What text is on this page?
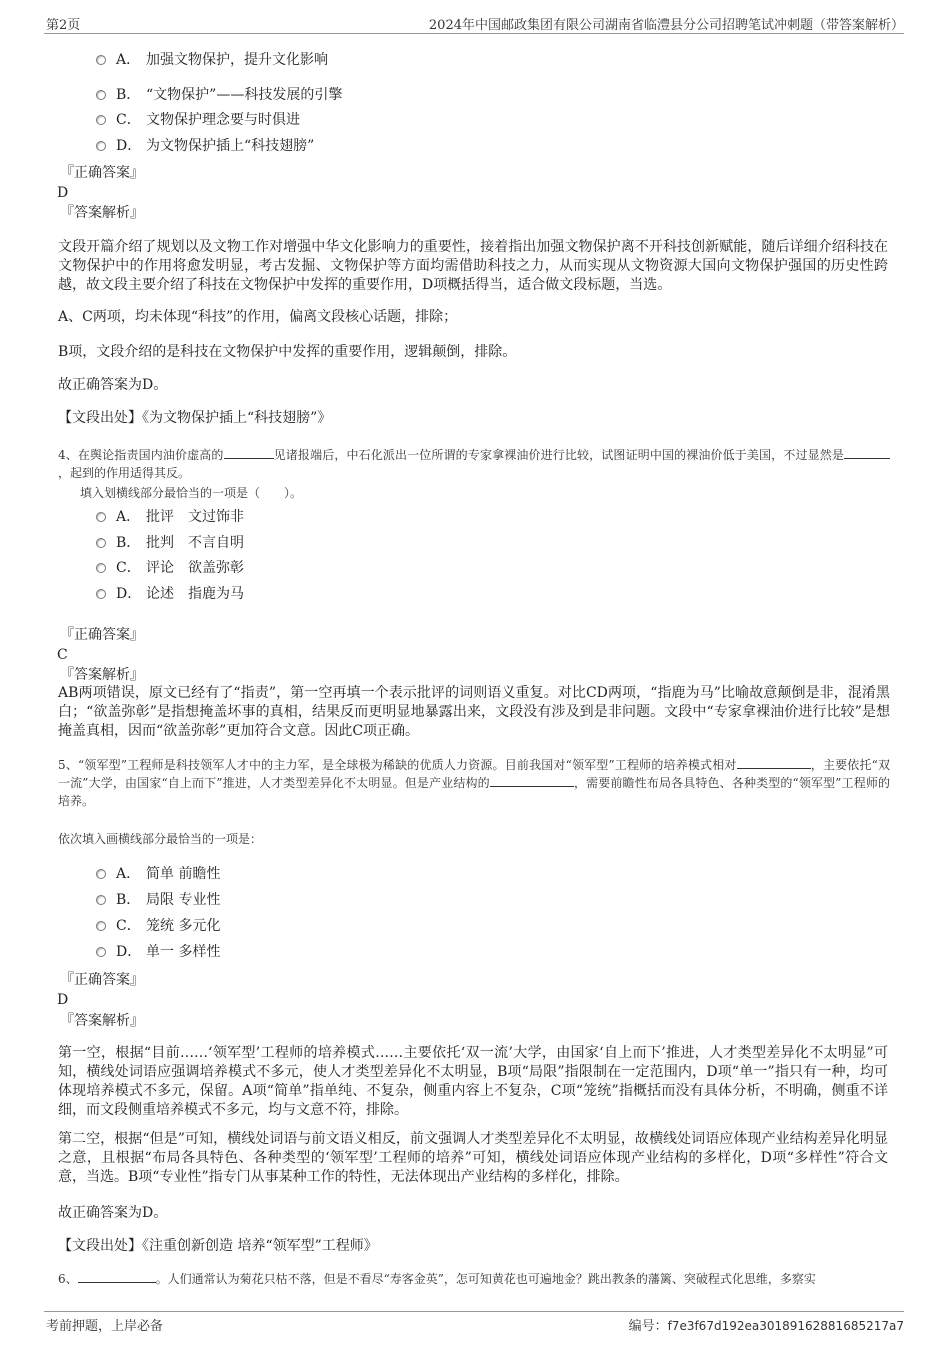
第2页	2024年中国邮政集团有限公司湖南省临澧县分公司招聘笔试冲刺题（带答案解析）
A． 加强文物保护，提升文化影响
B． “文物保护”——科技发展的引擎
C． 文物保护理念要与时俱进
D． 为文物保护插上“科技翅膀”
『正确答案』
D
『答案解析』
文段开篇介绍了规划以及文物工作对增强中华文化影响力的重要性，接着指出加强文物保护离不开科技创新赋能，随后详细介绍科技在文物保护中的作用将愈发明显，考古发掘、文物保护等方面均需借助科技之力，从而实现从文物资源大国向文物保护强国的历史性跨越，故文段主要介绍了科技在文物保护中发挥的重要作用，D项概括得当，适合做文段标题，当选。
A、C两项，均未体现“科技”的作用，偏离文段核心话题，排除；
B项，文段介绍的是科技在文物保护中发挥的重要作用，逻辑颠倒，排除。
故正确答案为D。
【文段出处】《为文物保护插上“科技翅膀”》
4、在舆论指责国内油价虚高的	见诸报端后，中石化派出一位所谓的专家拿裸油价进行比较，试图证明中国的裸油价低于美国，不过显然是，起到的作用适得其反。
填入划横线部分最恰当的一项是（　　）。
A． 批评　文过饰非
B． 批判　不言自明
C． 评论　欲盖弥彰
D． 论述　指鹿为马
『正确答案』
C
『答案解析』
AB两项错误，原文已经有了“指责”，第一空再填一个表示批评的词则语义重复。对比CD两项，“指鹿为马”比喻故意颠倒是非，混淆黑白；“欲盖弥彰”是指想掩盖坏事的真相，结果反而更明显地暴露出来，文段没有涉及到是非问题。文段中“专家拿裸油价进行比较”是想掩盖真相，因而“欲盖弥彰”更加符合文意。因此C项正确。
5、“领军型”工程师是科技领军人才中的主力军，是全球极为稀缺的优质人力资源。目前我国对“领军型”工程师的培养模式相对	，主要依托“双一流”大学，由国家“自上而下”推进，人才类型差异化不太明显。但是产业结构的	，需要前瞻性布局各具特色、各种类型的“领军型”工程师的培养。
依次填入画横线部分最恰当的一项是：
A． 简单 前瞻性
B． 局限 专业性
C． 笼统 多元化
D． 单一 多样性
『正确答案』
D
『答案解析』
第一空，根据“目前……‘领军型’工程师的培养模式……主要依托‘双一流’大学，由国家‘自上而下’推进，人才类型差异化不太明显”可知，横线处词语应强调培养模式不多元，使人才类型差异化不太明显，B项“局限”指限制在一定范围内，D项“单一”指只有一种，均可体现培养模式不多元，保留。A项“简单”指单纯、不复杂，侧重内容上不复杂，C项“笼统”指概括而没有具体分析，不明确，侧重不详细，而文段侧重培养模式不多元，均与文意不符，排除。
第二空，根据“但是”可知，横线处词语与前文语义相反，前文强调人才类型差异化不太明显，故横线处词语应体现产业结构差异化明显之意，且根据“布局各具特色、各种类型的‘领军型’工程师的培养”可知，横线处词语应体现产业结构的多样化，D项“多样性”符合文意，当选。B项“专业性”指专门从事某种工作的特性，无法体现出产业结构的多样化，排除。
故正确答案为D。
【文段出处】《注重创新创造 培养“领军型”工程师》
6、	。人们通常认为菊花只枯不落，但是不看尽“寿客金英”，怎可知黄花也可遍地金？跳出教条的藩篱、突破程式化思维，多察实
考前押题，上岸必备	编号：f7e3f67d192ea30189162881685217a7
